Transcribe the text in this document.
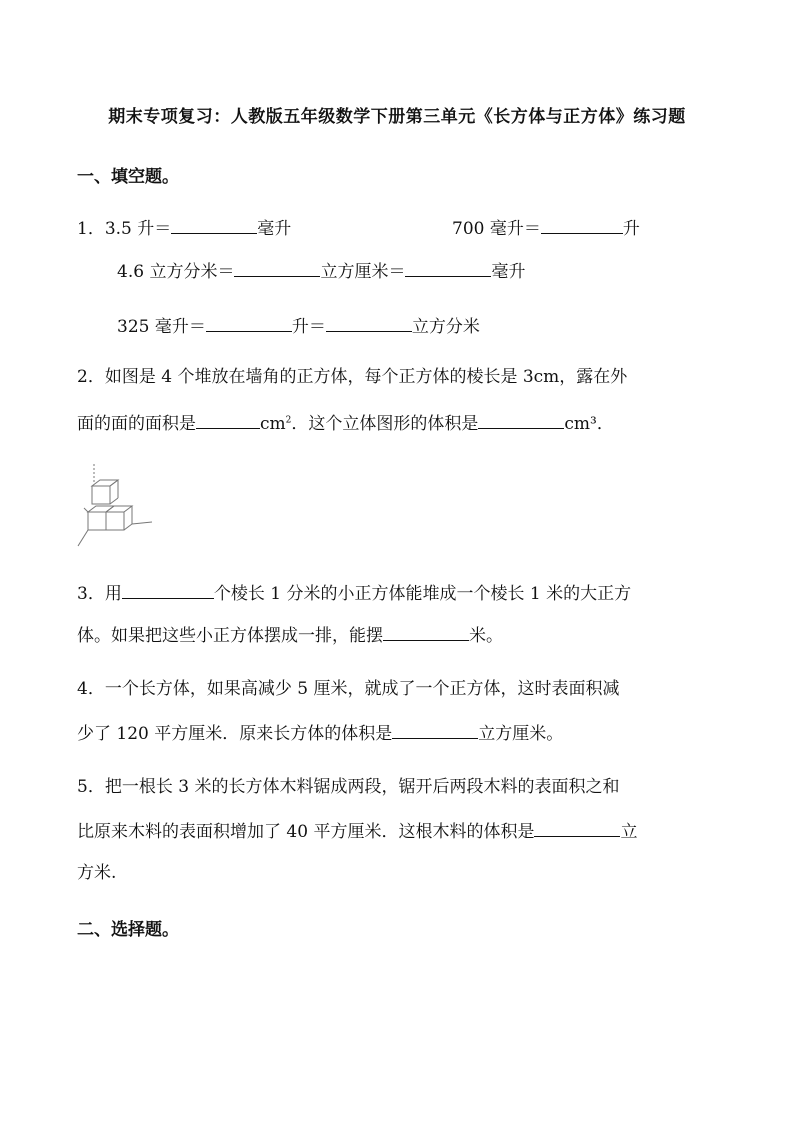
期末专项复习：人教版五年级数学下册第三单元《长方体与正方体》练习题
一、填空题。
1．3.5 升＝	毫升	700 毫升＝	升
4.6 立方分米＝	立方厘米＝	毫升
325 毫升＝	升＝	立方分米
2．如图是 4 个堆放在墙角的正方体，每个正方体的棱长是 3cm，露在外
面的面的面积是	$cm^2$．这个立体图形的体积是	cm³．
3．用	个棱长 1 分米的小正方体能堆成一个棱长 1 米的大正方
体。如果把这些小正方体摆成一排，能摆	米。
4．一个长方体，如果高减少 5 厘米，就成了一个正方体，这时表面积减
少了 120 平方厘米．原来长方体的体积是	立方厘米。
5．把一根长 3 米的长方体木料锯成两段，锯开后两段木料的表面积之和
比原来木料的表面积增加了 40 平方厘米．这根木料的体积是	立
方米.
二、选择题。
